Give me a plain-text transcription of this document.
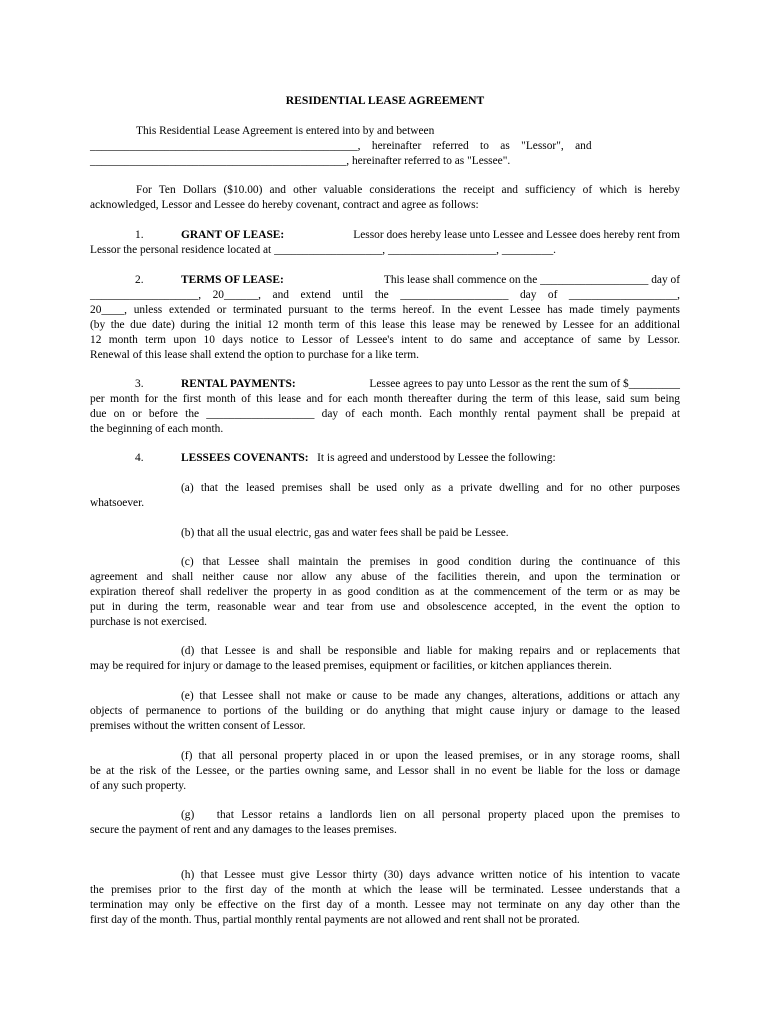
RESIDENTIAL LEASE AGREEMENT
This Residential Lease Agreement is entered into by and between
_______________________________________________,    hereinafter    referred    to    as    "Lessor",    and
_____________________________________________, hereinafter referred to as "Lessee".
For Ten Dollars ($10.00) and other valuable considerations the receipt and sufficiency of which is hereby
acknowledged, Lessor and Lessee do hereby covenant, contract and agree as follows:
1.	GRANT OF LEASE:	Lessor does hereby lease unto Lessee and Lessee does hereby rent from
Lessor the personal residence located at ___________________, ___________________, _________.
2.	TERMS OF LEASE:	This lease shall commence on the ___________________ day of
___________________, 20______, and extend until the ___________________ day of ___________________,
20____, unless extended or terminated pursuant to the terms hereof. In the event Lessee has made timely payments
(by the due date) during the initial 12 month term of this lease this lease may be renewed by Lessee for an additional
12 month term upon 10 days notice to Lessor of Lessee's intent to do same and acceptance of same by Lessor.
Renewal of this lease shall extend the option to purchase for a like term.
3.	RENTAL PAYMENTS:	Lessee agrees to pay unto Lessor as the rent the sum of $_________
per month for the first month of this lease and for each month thereafter during the term of this lease, said sum being
due on or before the ___________________ day of each month. Each monthly rental payment shall be prepaid at
the beginning of each month.
4.	LESSEES COVENANTS: It is agreed and understood by Lessee the following:
(a) that the leased premises shall be used only as a private dwelling and for no other purposes
whatsoever.
(b) that all the usual electric, gas and water fees shall be paid be Lessee.
(c) that Lessee shall maintain the premises in good condition during the continuance of this
agreement and shall neither cause nor allow any abuse of the facilities therein, and upon the termination or
expiration thereof shall redeliver the property in as good condition as at the commencement of the term or as may be
put in during the term, reasonable wear and tear from use and obsolescence accepted, in the event the option to
purchase is not exercised.
(d) that Lessee is and shall be responsible and liable for making repairs and or replacements that
may be required for injury or damage to the leased premises, equipment or facilities, or kitchen appliances therein.
(e) that Lessee shall not make or cause to be made any changes, alterations, additions or attach any
objects of permanence to portions of the building or do anything that might cause injury or damage to the leased
premises without the written consent of Lessor.
(f) that all personal property placed in or upon the leased premises, or in any storage rooms, shall
be at the risk of the Lessee, or the parties owning same, and Lessor shall in no event be liable for the loss or damage
of any such property.
(g)   that Lessor retains a landlords lien on all personal property placed upon the premises to
secure the payment of rent and any damages to the leases premises.
(h) that Lessee must give Lessor thirty (30) days advance written notice of his intention to vacate
the premises prior to the first day of the month at which the lease will be terminated. Lessee understands that a
termination may only be effective on the first day of a month. Lessee may not terminate on any day other than the
first day of the month. Thus, partial monthly rental payments are not allowed and rent shall not be prorated.
